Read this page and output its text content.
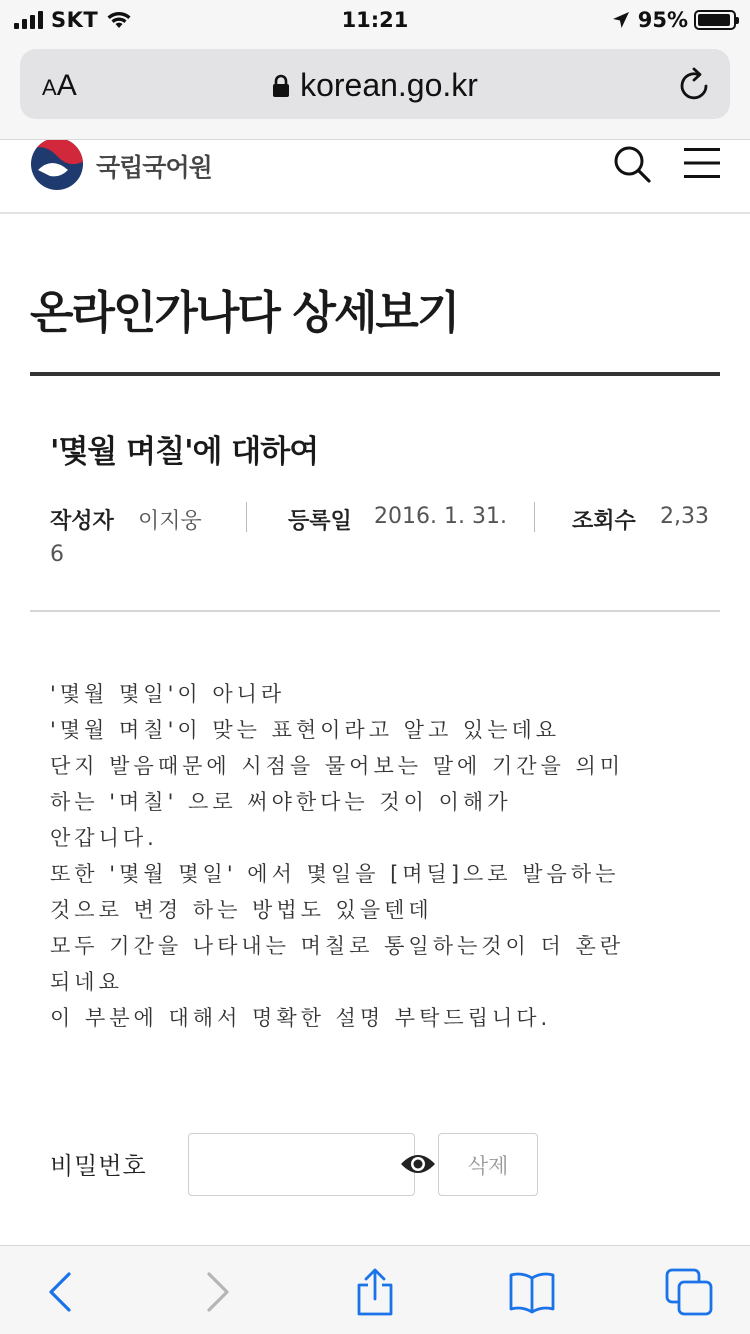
SKT	11:21	95%
AA	korean.go.kr
국립국어원
온라인가나다 상세보기
'몇월 며칠'에 대하여
작성자 이지웅	등록일 2016. 1. 31.	조회수 2,33
6

'몇월 몇일'이 아니라

'몇월 며칠'이 맞는 표현이라고 알고 있는데요

단지 발음때문에 시점을 물어보는 말에 기간을 의미

하는 '며칠' 으로 써야한다는 것이 이해가

안갑니다.

또한 '몇월 몇일' 에서 몇일을 [며딜]으로 발음하는

것으로 변경 하는 방법도 있을텐데

모두 기간을 나타내는 며칠로 통일하는것이 더 혼란

되네요

이 부분에 대해서 명확한 설명 부탁드립니다.

비밀번호	삭제
